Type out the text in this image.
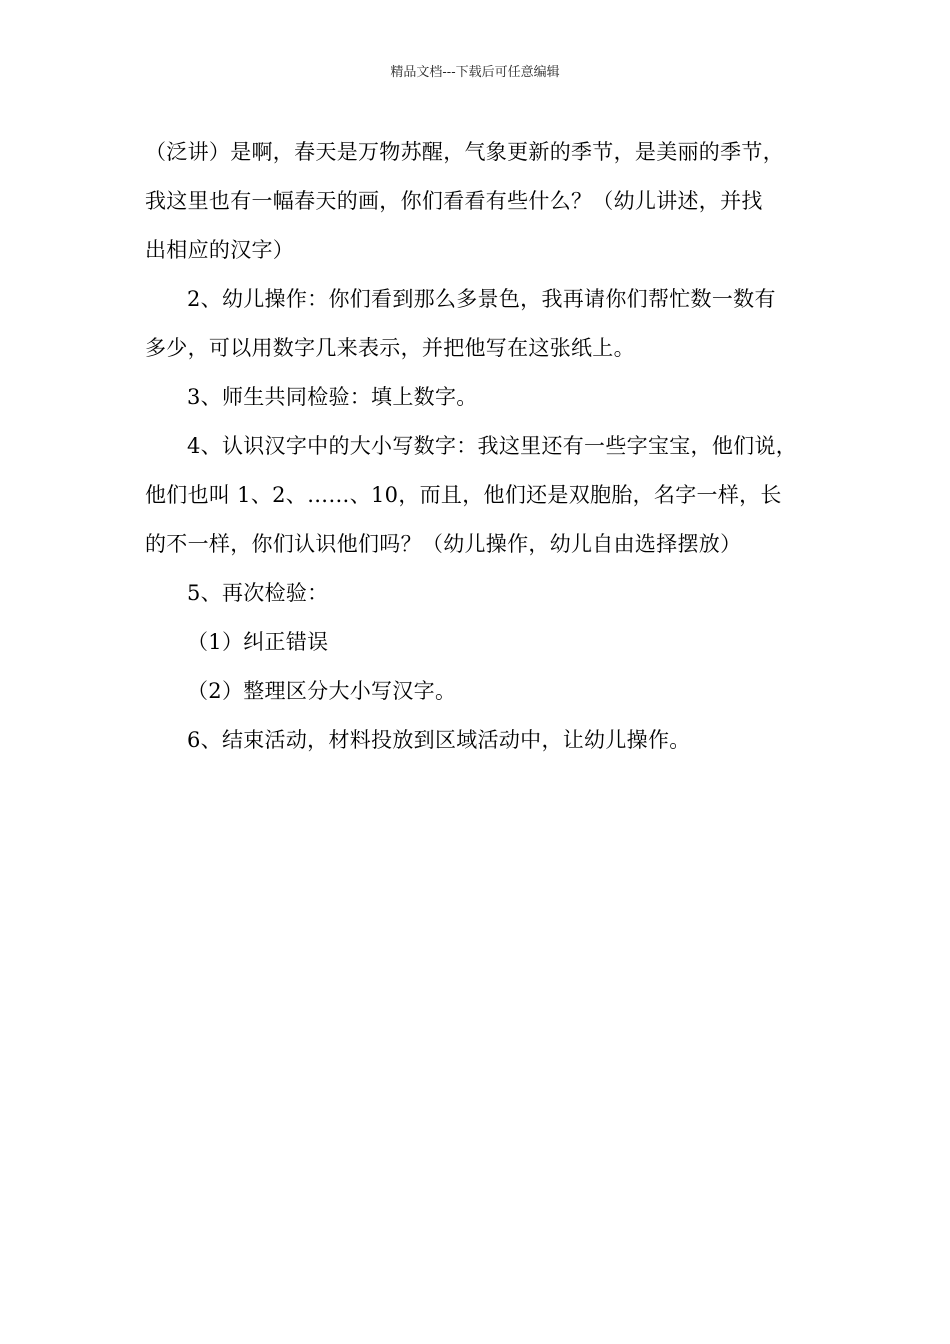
精品文档---下载后可任意编辑
（泛讲）是啊，春天是万物苏醒，气象更新的季节，是美丽的季节，
我这里也有一幅春天的画，你们看看有些什么？（幼儿讲述，并找
出相应的汉字）
2、幼儿操作：你们看到那么多景色，我再请你们帮忙数一数有
多少，可以用数字几来表示，并把他写在这张纸上。
3、师生共同检验：填上数字。
4、认识汉字中的大小写数字：我这里还有一些字宝宝，他们说，
他们也叫 1、2、……、10，而且，他们还是双胞胎，名字一样，长
的不一样，你们认识他们吗？（幼儿操作，幼儿自由选择摆放）
5、再次检验：
（1）纠正错误
（2）整理区分大小写汉字。
6、结束活动，材料投放到区域活动中，让幼儿操作。
